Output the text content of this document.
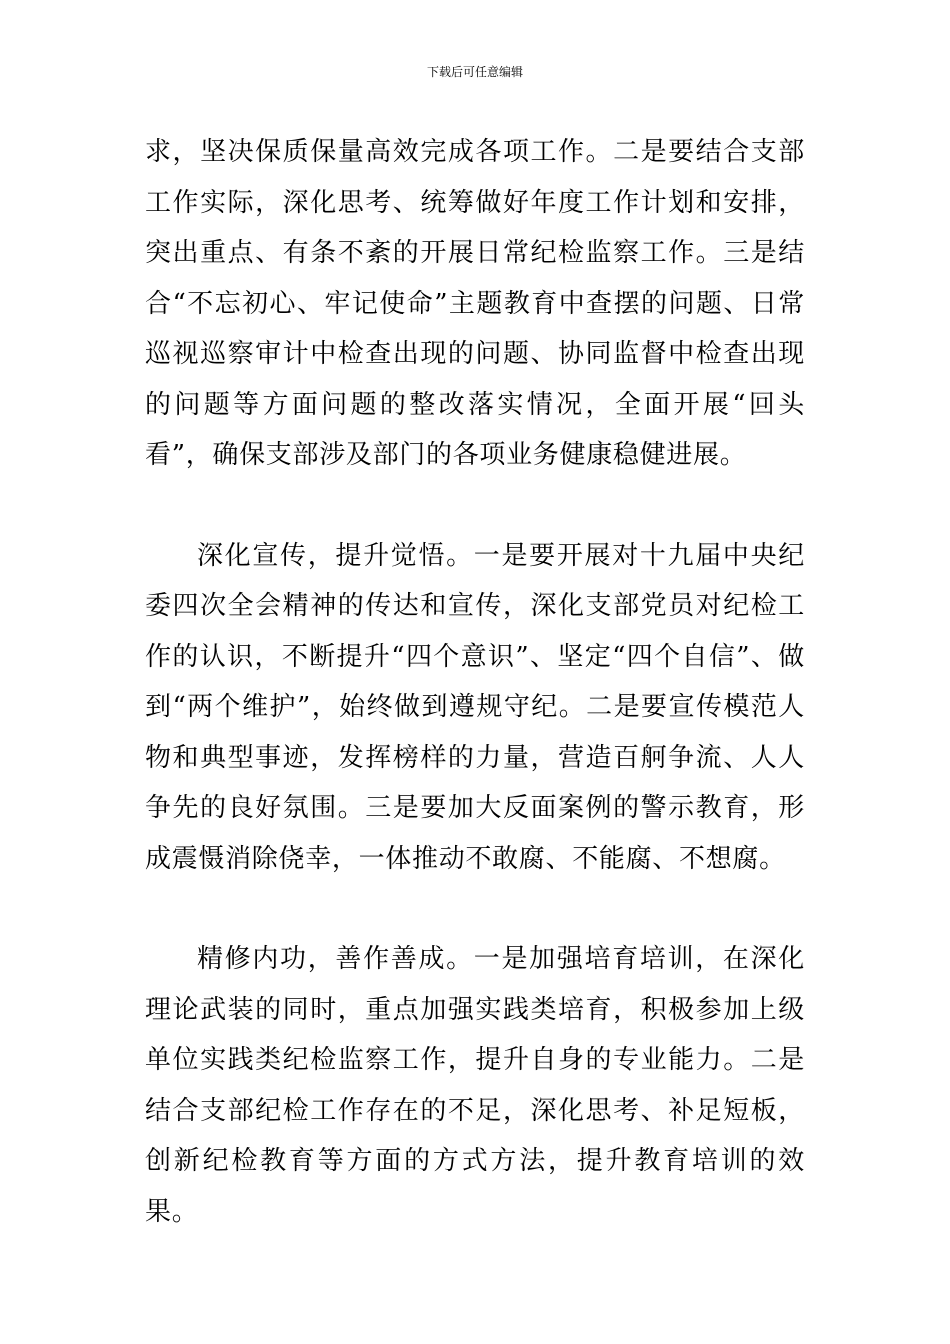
下载后可任意编辑

求，坚决保质保量高效完成各项工作。二是要结合支部工作实际，深化思考、统筹做好年度工作计划和安排，突出重点、有条不紊的开展日常纪检监察工作。三是结合“不忘初心、牢记使命”主题教育中查摆的问题、日常巡视巡察审计中检查出现的问题、协同监督中检查出现的问题等方面问题的整改落实情况，全面开展“回头看”，确保支部涉及部门的各项业务健康稳健进展。

深化宣传，提升觉悟。一是要开展对十九届中央纪委四次全会精神的传达和宣传，深化支部党员对纪检工作的认识，不断提升“四个意识”、坚定“四个自信”、做到“两个维护”，始终做到遵规守纪。二是要宣传模范人物和典型事迹，发挥榜样的力量，营造百舸争流、人人争先的良好氛围。三是要加大反面案例的警示教育，形成震慑消除侥幸，一体推动不敢腐、不能腐、不想腐。

精修内功，善作善成。一是加强培育培训，在深化理论武装的同时，重点加强实践类培育，积极参加上级单位实践类纪检监察工作，提升自身的专业能力。二是结合支部纪检工作存在的不足，深化思考、补足短板，创新纪检教育等方面的方式方法，提升教育培训的效果。
